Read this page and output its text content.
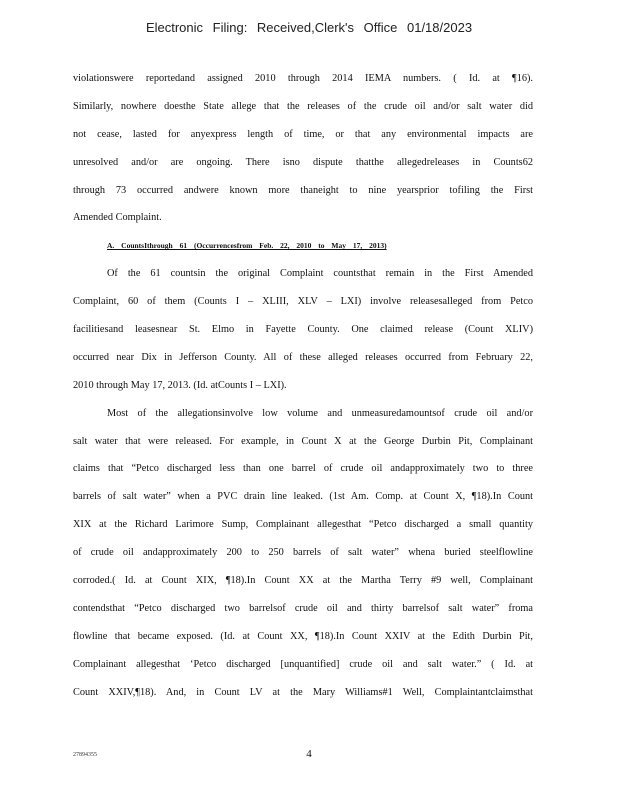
Electronic Filing: Received,Clerk's Office 01/18/2023
violationswere reportedand assigned 2010 through 2014 IEMA numbers. ( Id. at ¶16).
Similarly, nowhere doesthe State allege that the releases of the crude oil and/or salt water did
not cease, lasted for anyexpress length of time, or that any environmental impacts are
unresolved and/or are ongoing. There isno dispute thatthe allegedreleases in Counts62
through 73 occurred andwere known more thaneight to nine yearsprior tofiling the First
Amended Complaint.
A. CountsIthrough 61 (Occurrencesfrom Feb. 22, 2010 to May 17, 2013)
Of the 61 countsin the original Complaint countsthat remain in the First Amended
Complaint, 60 of them (Counts I – XLIII, XLV – LXI) involve releasesalleged from Petco
facilitiesand leasesnear St. Elmo in Fayette County. One claimed release (Count XLIV)
occurred near Dix in Jefferson County. All of these alleged releases occurred from February 22,
2010 through May 17, 2013. (Id. atCounts I – LXI).
Most of the allegationsinvolve low volume and unmeasuredamountsof crude oil and/or
salt water that were released. For example, in Count X at the George Durbin Pit, Complainant
claims that “Petco discharged less than one barrel of crude oil andapproximately two to three
barrels of salt water” when a PVC drain line leaked. (1st Am. Comp. at Count X, ¶18).In Count
XIX at the Richard Larimore Sump, Complainant allegesthat “Petco discharged a small quantity
of crude oil andapproximately 200 to 250 barrels of salt water” whena buried steelflowline
corroded.( Id. at Count XIX, ¶18).In Count XX at the Martha Terry #9 well, Complainant
contendsthat “Petco discharged two barrelsof crude oil and thirty barrelsof salt water” froma
flowline that became exposed. (Id. at Count XX, ¶18).In Count XXIV at the Edith Durbin Pit,
Complainant allegesthat ‘Petco discharged [unquantified] crude oil and salt water.” ( Id. at
Count XXIV,¶18). And, in Count LV at the Mary Williams#1 Well, Complaintantclaimsthat
27894355	4
